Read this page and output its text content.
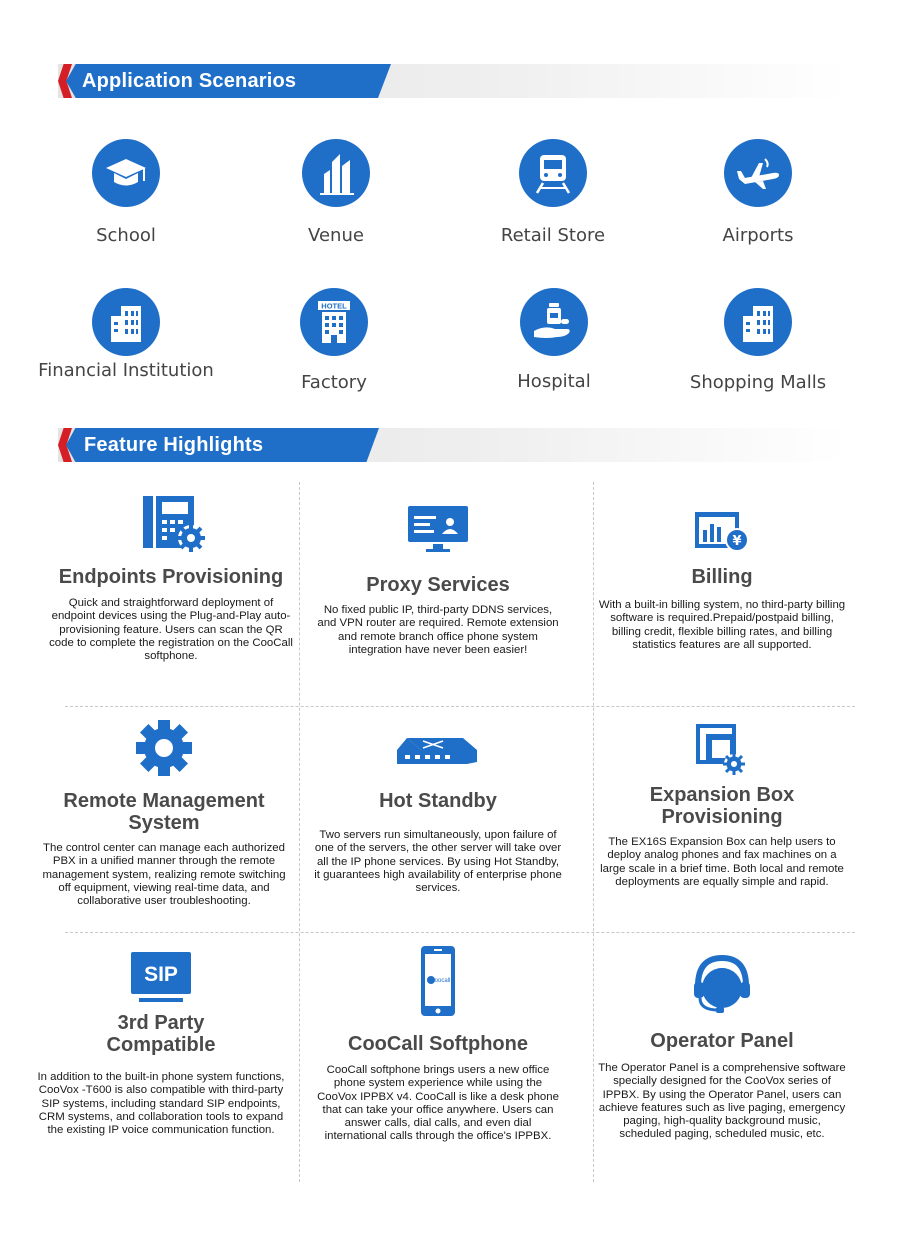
Application Scenarios
School	Venue	Retail Store	Airports
Financial Institution
HOTEL
Factory	Hospital	Shopping Malls
Feature Highlights
Endpoints Provisioning
Quick and straightforward deployment of endpoint devices using the Plug-and-Play auto-provisioning feature. Users can scan the QR code to complete the registration on the CooCall softphone.
Proxy Services
No fixed public IP, third-party DDNS services, and VPN router are required. Remote extension and remote branch office phone system integration have never been easier!
¥
Billing
With a built-in billing system, no third-party billing software is required.Prepaid/postpaid billing, billing credit, flexible billing rates, and billing statistics features are all supported.
Remote Management System
The control center can manage each authorized PBX in a unified manner through the remote management system, realizing remote switching off equipment, viewing real-time data, and collaborative user troubleshooting.
Hot Standby
Two servers run simultaneously, upon failure of one of the servers, the other server will take over all the IP phone services. By using Hot Standby, it guarantees high availability of enterprise phone services.
Expansion Box Provisioning
The EX16S Expansion Box can help users to deploy analog phones and fax machines on a large scale in a brief time. Both local and remote deployments are equally simple and rapid.
SIP
3rd Party Compatible
In addition to the built-in phone system functions, CooVox -T600 is also compatible with third-party SIP systems, including standard SIP endpoints, CRM systems, and collaboration tools to expand the existing IP voice communication function.
coocall
CooCall Softphone
CooCall softphone brings users a new office phone system experience while using the CooVox IPPBX v4. CooCall is like a desk phone that can take your office anywhere. Users can answer calls, dial calls, and even dial international calls through the office's IPPBX.
Operator Panel
The Operator Panel is a comprehensive software specially designed for the CooVox series of IPPBX. By using the Operator Panel, users can achieve features such as live paging, emergency paging, high-quality background music, scheduled paging, scheduled music, etc.
